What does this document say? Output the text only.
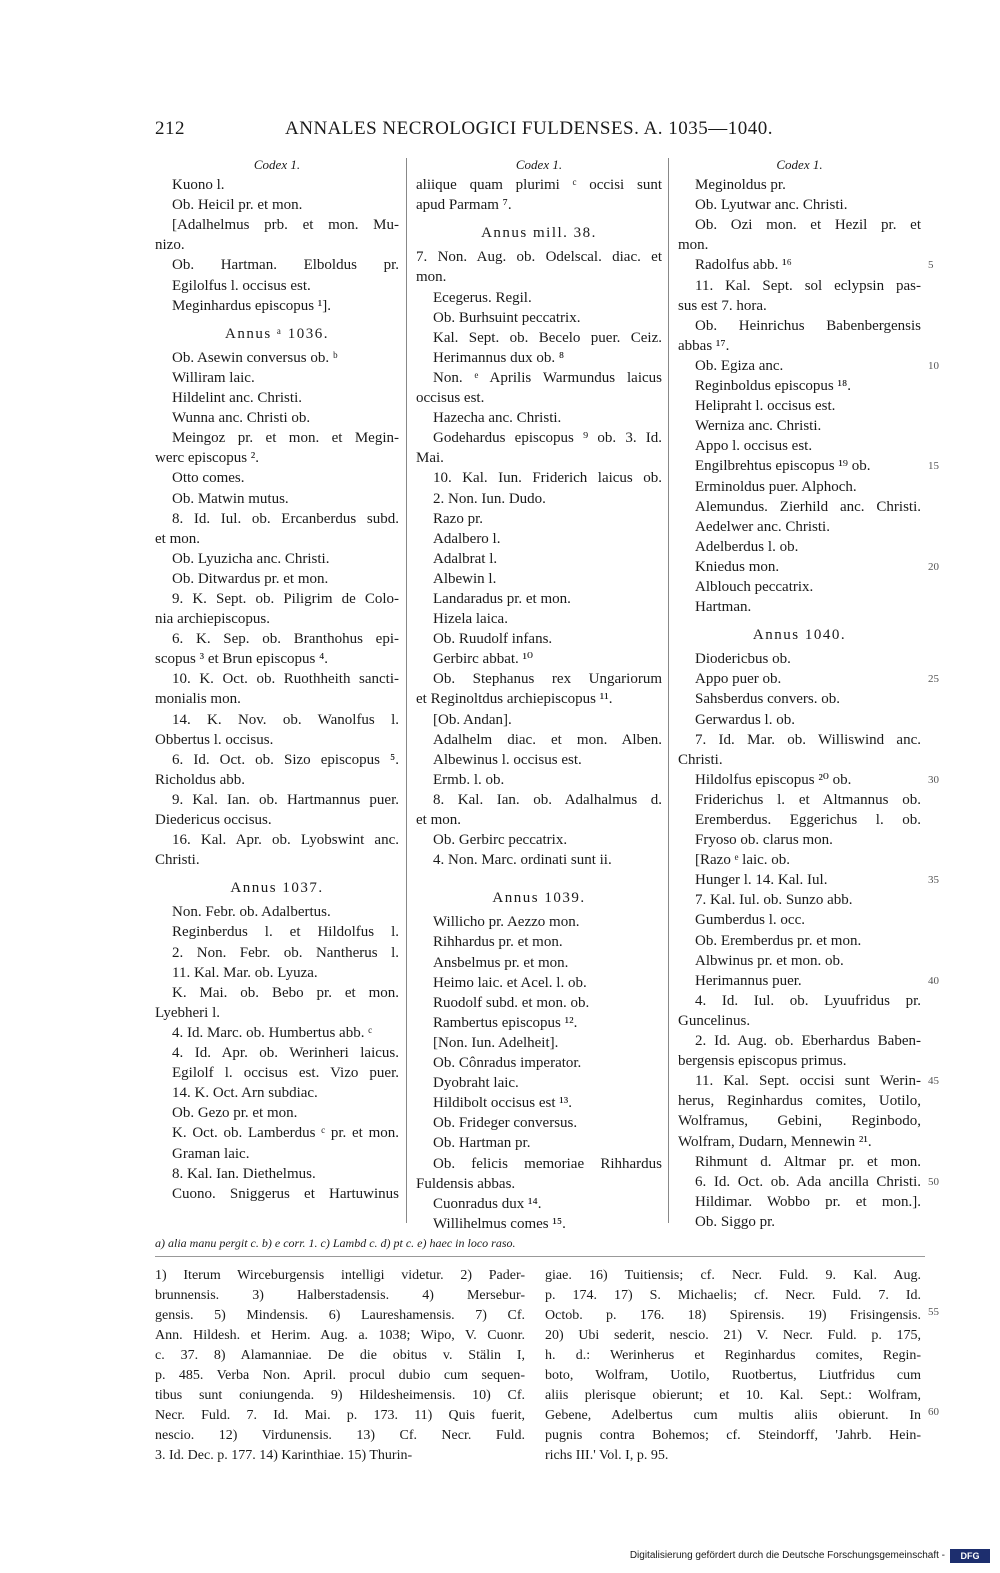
212	ANNALES NECROLOGICI FULDENSES. A. 1035—1040.
Codex 1.
Kuono l.
Ob. Heicil pr. et mon.
[Adalhelmus prb. et mon. Mu-
nizo.
Ob. Hartman. Elboldus pr.
Egilolfus l. occisus est.
Meginhardus episcopus ¹].
Annus ᵃ 1036.
Ob. Asewin conversus ob. ᵇ
Williram laic.
Hildelint anc. Christi.
Wunna anc. Christi ob.
Meingoz pr. et mon. et Megin-
werc episcopus ².
Otto comes.
Ob. Matwin mutus.
8. Id. Iul. ob. Ercanberdus subd.
et mon.
Ob. Lyuzicha anc. Christi.
Ob. Ditwardus pr. et mon.
9. K. Sept. ob. Piligrim de Colo-
nia archiepiscopus.
6. K. Sep. ob. Branthohus epi-
scopus ³ et Brun episcopus ⁴.
10. K. Oct. ob. Ruothheith sancti-
monialis mon.
14. K. Nov. ob. Wanolfus l.
Obbertus l. occisus.
6. Id. Oct. ob. Sizo episcopus ⁵.
Richoldus abb.
9. Kal. Ian. ob. Hartmannus puer.
Diedericus occisus.
16. Kal. Apr. ob. Lyobswint anc.
Christi.
Annus 1037.
Non. Febr. ob. Adalbertus.
Reginberdus l. et Hildolfus l.
2. Non. Febr. ob. Nantherus l.
11. Kal. Mar. ob. Lyuza.
K. Mai. ob. Bebo pr. et mon.
Lyebheri l.
4. Id. Marc. ob. Humbertus abb. ᶜ
4. Id. Apr. ob. Werinheri laicus.
Egilolf l. occisus est. Vizo puer.
14. K. Oct. Arn subdiac.
Ob. Gezo pr. et mon.
K. Oct. ob. Lamberdus ᶜ pr. et mon.
Graman laic.
8. Kal. Ian. Diethelmus.
Cuono. Sniggerus et Hartuwinus
Codex 1.
aliique quam plurimi ᶜ occisi sunt
apud Parmam ⁷.
Annus mill. 38.
7. Non. Aug. ob. Odelscal. diac. et
mon.
Ecegerus. Regil.
Ob. Burhsuint peccatrix.
Kal. Sept. ob. Becelo puer. Ceiz.
Herimannus dux ob. ⁸
Non. ᵉ Aprilis Warmundus laicus
occisus est.
Hazecha anc. Christi.
Godehardus episcopus ⁹ ob. 3. Id.
Mai.
10. Kal. Iun. Friderich laicus ob.
2. Non. Iun. Dudo.
Razo pr.
Adalbero l.
Adalbrat l.
Albewin l.
Landaradus pr. et mon.
Hizela laica.
Ob. Ruudolf infans.
Gerbirc abbat. ¹⁰
Ob. Stephanus rex Ungariorum
et Reginoltdus archiepiscopus ¹¹.
[Ob. Andan].
Adalhelm diac. et mon. Alben.
Albewinus l. occisus est.
Ermb. l. ob.
8. Kal. Ian. ob. Adalhalmus d.
et mon.
Ob. Gerbirc peccatrix.
4. Non. Marc. ordinati sunt ii.
Annus 1039.
Willicho pr. Aezzo mon.
Rihhardus pr. et mon.
Ansbelmus pr. et mon.
Heimo laic. et Acel. l. ob.
Ruodolf subd. et mon. ob.
Rambertus episcopus ¹².
[Non. Iun. Adelheit].
Ob. Cônradus imperator.
Dyobraht laic.
Hildibolt occisus est ¹³.
Ob. Frideger conversus.
Ob. Hartman pr.
Ob. felicis memoriae Rihhardus
Fuldensis abbas.
Cuonradus dux ¹⁴.
Willihelmus comes ¹⁵.
Codex 1.
Meginoldus pr.
Ob. Lyutwar anc. Christi.
Ob. Ozi mon. et Hezil pr. et
mon.
Radolfus abb. ¹⁶
11. Kal. Sept. sol eclypsin pas-
sus est 7. hora.
Ob. Heinrichus Babenbergensis
abbas ¹⁷.
Ob. Egiza anc.
Reginboldus episcopus ¹⁸.
Helipraht l. occisus est.
Werniza anc. Christi.
Appo l. occisus est.
Engilbrehtus episcopus ¹⁹ ob.
Erminoldus puer. Alphoch.
Alemundus. Zierhild anc. Christi.
Aedelwer anc. Christi.
Adelberdus l. ob.
Kniedus mon.
Alblouch peccatrix.
Hartman.
Annus 1040.
Diodericbus ob.
Appo puer ob.
Sahsberdus convers. ob.
Gerwardus l. ob.
7. Id. Mar. ob. Williswind anc.
Christi.
Hildolfus episcopus ²⁰ ob.
Friderichus l. et Altmannus ob.
Eremberdus. Eggerichus l. ob.
Fryoso ob. clarus mon.
[Razo ᵉ laic. ob.
Hunger l. 14. Kal. Iul.
7. Kal. Iul. ob. Sunzo abb.
Gumberdus l. occ.
Ob. Eremberdus pr. et mon.
Albwinus pr. et mon. ob.
Herimannus puer.
4. Id. Iul. ob. Lyuufridus pr.
Guncelinus.
2. Id. Aug. ob. Eberhardus Baben-
bergensis episcopus primus.
11. Kal. Sept. occisi sunt Werin-
herus, Reginhardus comites, Uotilo,
Wolframus, Gebini, Reginbodo,
Wolfram, Dudarn, Mennewin ²¹.
Rihmunt d. Altmar pr. et mon.
6. Id. Oct. ob. Ada ancilla Christi.
Hildimar. Wobbo pr. et mon.].
Ob. Siggo pr.
5
10
15
20
25
30
35
40
45
50
55
60
a) alia manu pergit c. b) e corr. 1. c) Lambd c. d) pt c. e) haec in loco raso.
1) Iterum Wirceburgensis intelligi videtur. 2) Pader-
brunnensis. 3) Halberstadensis. 4) Mersebur-
gensis. 5) Mindensis. 6) Laureshamensis. 7) Cf.
Ann. Hildesh. et Herim. Aug. a. 1038; Wipo, V. Cuonr.
c. 37. 8) Alamanniae. De die obitus v. Stälin I,
p. 485. Verba Non. April. procul dubio cum sequen-
tibus sunt coniungenda. 9) Hildesheimensis. 10) Cf.
Necr. Fuld. 7. Id. Mai. p. 173. 11) Quis fuerit,
nescio. 12) Virdunensis. 13) Cf. Necr. Fuld.
3. Id. Dec. p. 177. 14) Karinthiae. 15) Thurin-
giae. 16) Tuitiensis; cf. Necr. Fuld. 9. Kal. Aug.
p. 174. 17) S. Michaelis; cf. Necr. Fuld. 7. Id.
Octob. p. 176. 18) Spirensis. 19) Frisingensis.
20) Ubi sederit, nescio. 21) V. Necr. Fuld. p. 175,
h. d.: Werinherus et Reginhardus comites, Regin-
boto, Wolfram, Uotilo, Ruotbertus, Liutfridus cum
aliis plerisque obierunt; et 10. Kal. Sept.: Wolfram,
Gebene, Adelbertus cum multis aliis obierunt. In
pugnis contra Bohemos; cf. Steindorff, 'Jahrb. Hein-
richs III.' Vol. I, p. 95.
Digitalisierung gefördert durch die Deutsche Forschungsgemeinschaft -	DFG
